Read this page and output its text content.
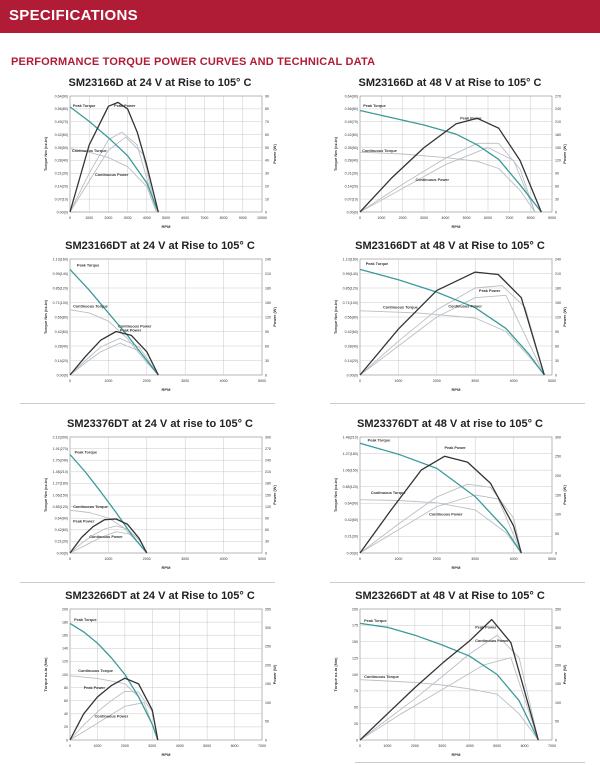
SPECIFICATIONS
PERFORMANCE TORQUE POWER CURVES AND TECHNICAL DATA
SM23166D at 24 V at Rise to 105° C
0	1000	2000	3000	4000	5000	6000	7000	8000	9000	10000
0.00(0)
0.07(10)
0.14(20)
0.21(30)
0.28(40)
0.35(50)
0.42(60)
0.49(70)
0.56(80)
0.64(90)
0
10
20
30
40
50
60
70
80
90
RPM
Torque Nm (oz-in)	Power (W)
Peak Torque	Peak Power
Continuous Torque
Continuous Power
SM23166D at 48 V at Rise to 105° C
0	1000	2000	3000	4000	5000	6000	7000	8000	9000
0.00(0)
0.07(10)
0.14(20)
0.21(30)
0.28(40)
0.35(50)
0.42(60)
0.49(70)
0.56(80)
0.64(90)
0
30
60
90
120
150
180
210
240
270
RPM
Torque Nm (oz-in)	Power (W)
Peak Torque
Peak Power
Continuous Torque
Continuous Power
SM23166DT at 24 V at Rise to 105° C
0	1000	2000	3000	4000	5000
0.00(0)
0.14(20)
0.28(40)
0.42(60)
0.56(80)
0.71(100)
0.85(120)
0.99(140)
1.13(160)
0
30
60
90
120
150
180
210
240
RPM
Torque Nm (oz-in)	Power (W)
Peak Torque
Continuous Torque
Continuous Power
Peak Power
SM23166DT at 48 V at Rise to 105° C
0	1000	2000	3000	4000	5000
0.00(0)
0.14(20)
0.28(40)
0.42(60)
0.56(80)
0.71(100)
0.85(120)
0.99(140)
1.13(160)
0
30
60
90
120
150
180
210
240
RPM
Torque Nm (oz-in)	Power (W)
Peak Torque
Peak Power
Continuous Torque	Continuous Power
SM23376DT at 24 V at rise to 105° C
0	1000	2000	3000	4000	5000
0.00(0)
0.21(30)
0.42(60)
0.64(90)
0.85(120)
1.06(150)
1.27(180)
1.48(210)
1.70(240)
1.91(270)
2.12(300)
0
30
60
90
120
150
180
210
240
270
300
RPM
Torque Nm (oz-in)	Power (W)
Peak Torque
Continuous Torque
Peak Power
Continuous Power
SM23376DT at 48 V at rise to 105° C
0	1000	2000	3000	4000	5000
0.00(0)
0.21(30)
0.42(60)
0.64(90)
0.85(120)
1.06(150)
1.27(180)
1.48(210)
0
50
100
150
200
250
300
RPM
Torque Nm (oz-in)	Power (W)
Peak Torque
Peak Power
Continuous Torque
Continuous Power
SM23266DT at 24 V at Rise to 105° C
0	1000	2000	3000	4000	5000	6000	7000
0
20
40
60
80
100
120
140
160
180
200
0
50
100
150
200
250
300
350
RPM
Torque oz-in (Nm)	Power (W)
Peak Torque
Continuous Torque
Peak Power
Continuous Power
SM23266DT at 48 V at Rise to 105° C
0	1000	2000	3000	4000	5000	6000	7000
0
25
50
75
100
125
150
175
200
0
50
100
150
200
250
300
350
RPM
Torque oz-in (Nm)	Power (W)
Peak Torque
Peak Power
Continuous Power
Continuous Torque
